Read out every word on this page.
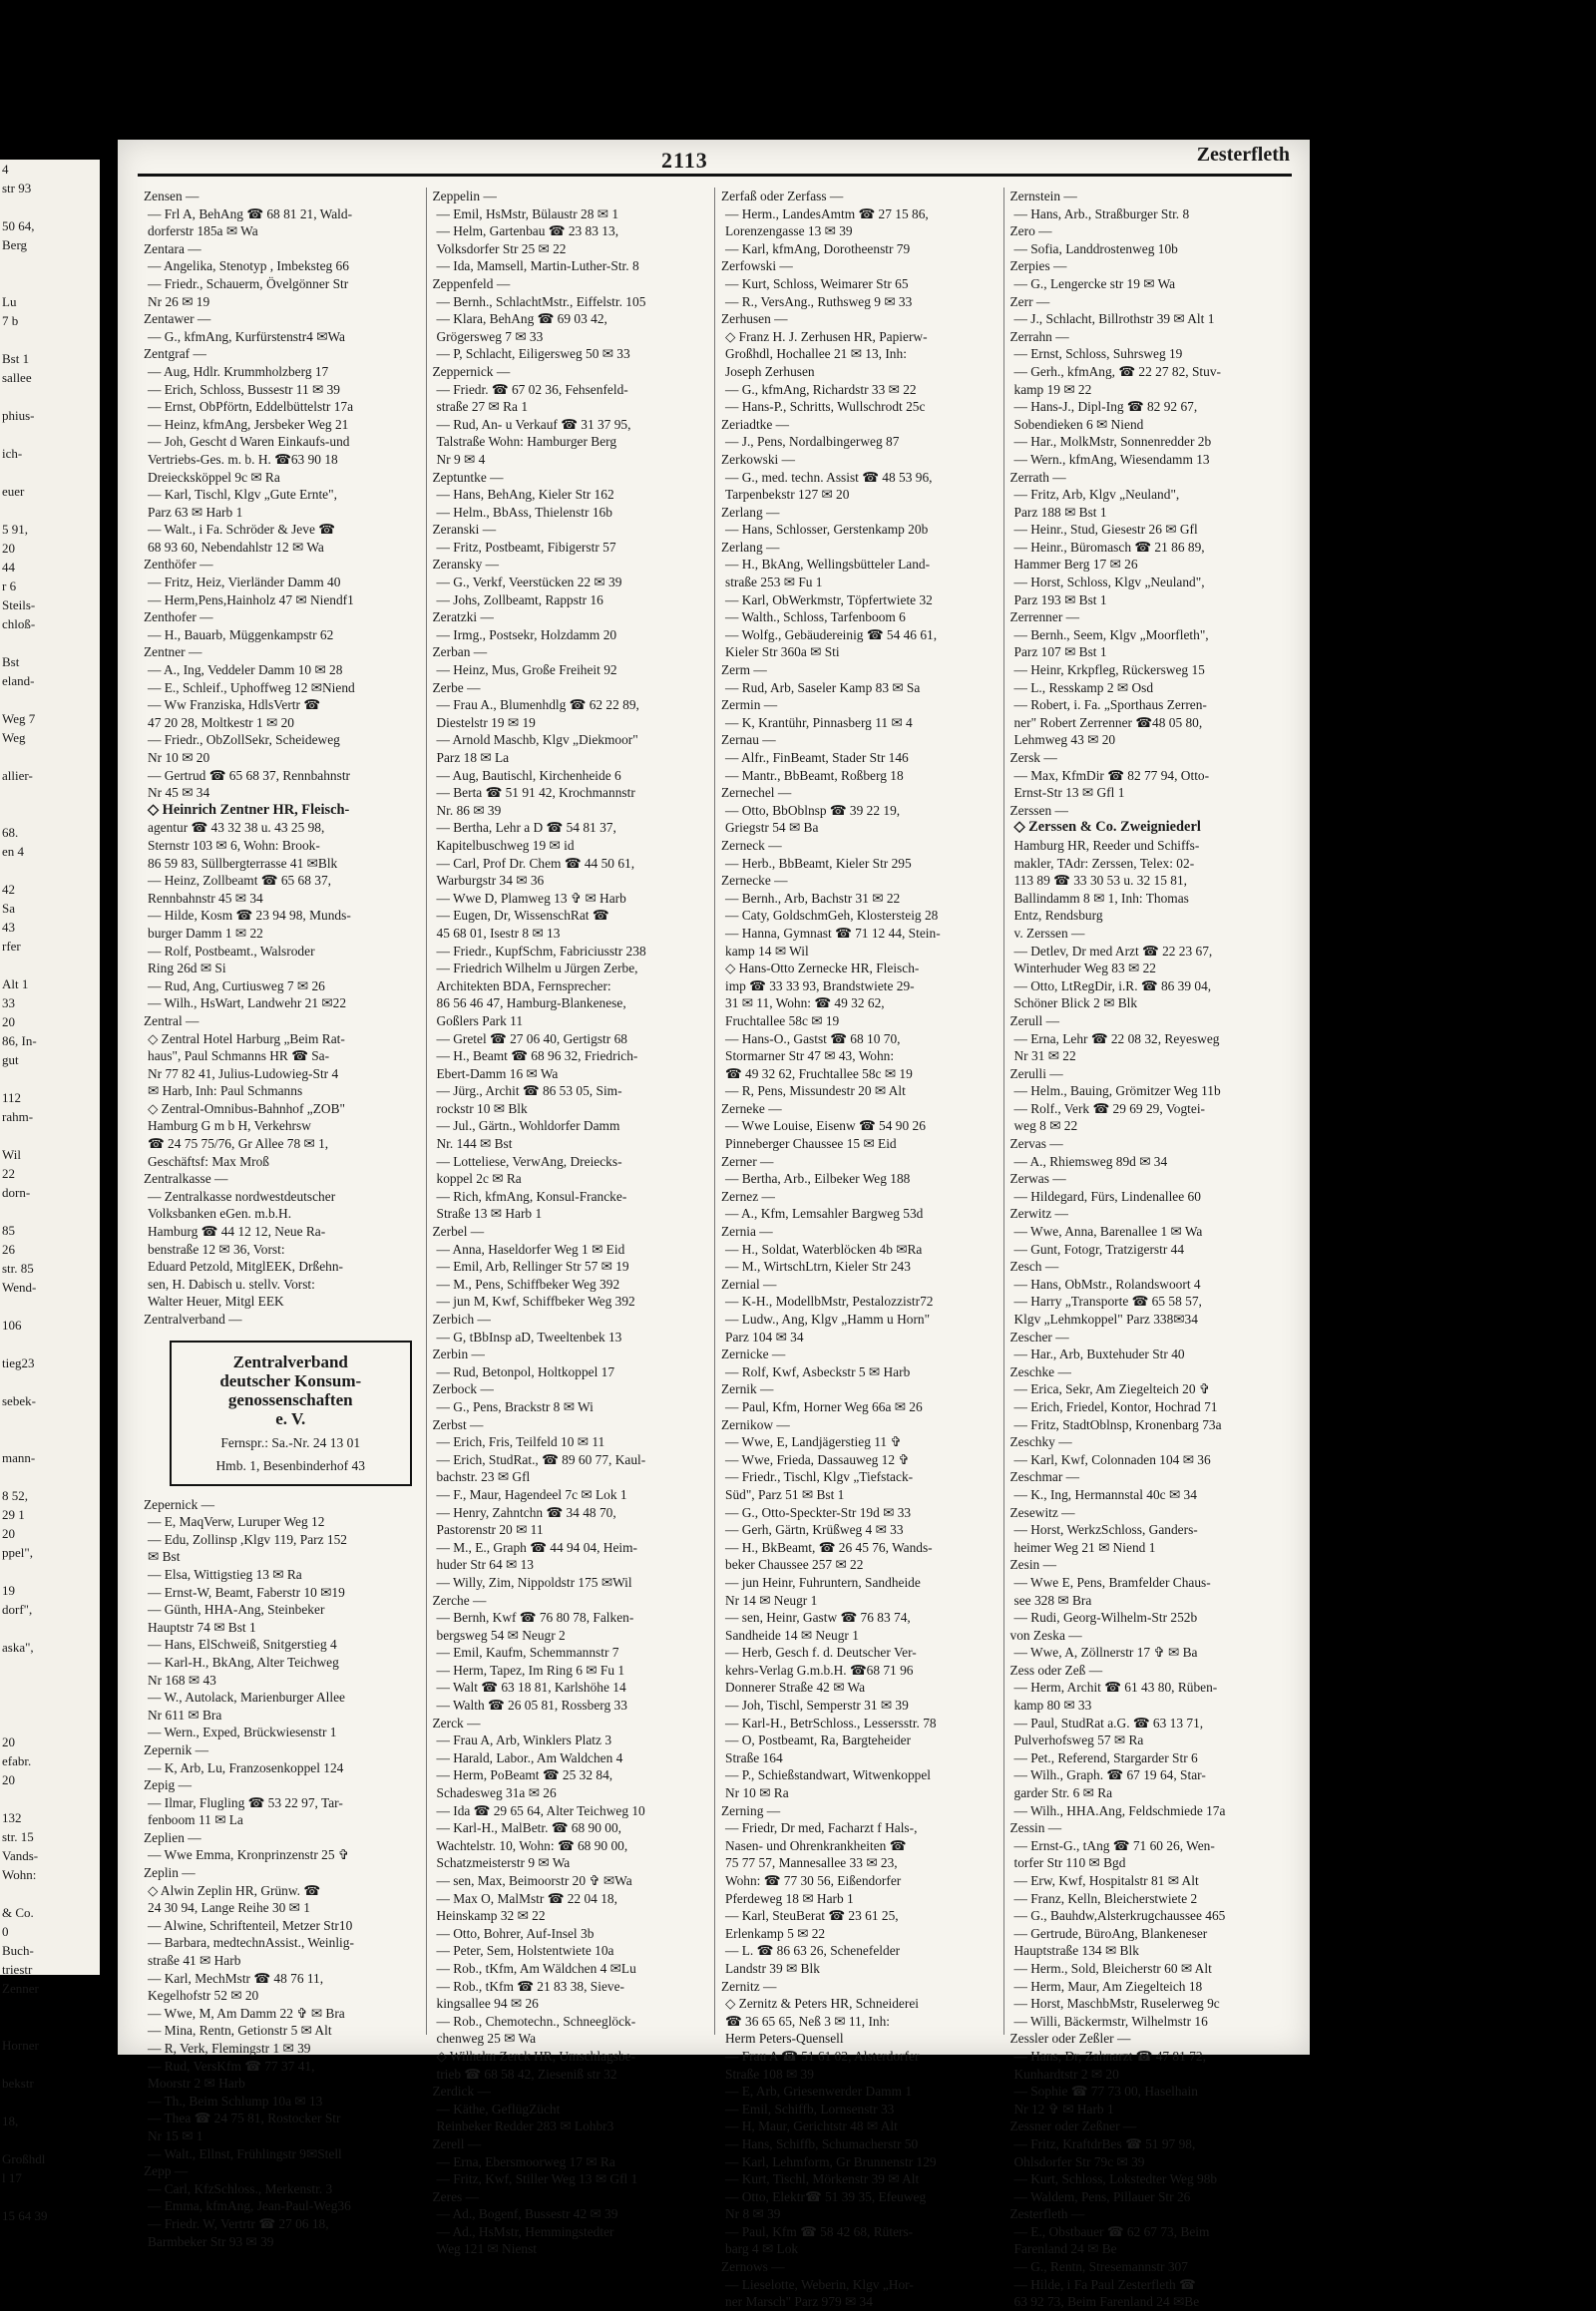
4
str 93

50 64,
Berg

Lu
7 b

Bst 1
sallee

phius-

ich-

euer

5 91,
20
44
r 6
Steils-
chloß-

Bst
eland-

Weg 7
Weg

allier-

68.
en 4

42
Sa
43
rfer

Alt 1
33
20
86, In-
gut

112
rahm-

Wil
22
dorn-

85
26
str. 85
Wend-

106

tieg23

sebek-

mann-

8 52,
29 1
20
ppel",

19
dorf",

aska",

20
efabr.
20

132
str. 15
Vands-
Wohn:

& Co.
0
Buch-
triestr
Zenner

Horner

bekstr

18,

Großhdl
l 17

15 64 39
2113	Zesterfleth
Zensen —
— Frl A, BehAng ☎ 68 81 21, Wald-
dorferstr 185a ✉ Wa
Zentara —
— Angelika, Stenotyp , Imbeksteg 66
— Friedr., Schauerm, Övelgönner Str
Nr 26 ✉ 19
Zentawer —
— G., kfmAng, Kurfürstenstr4 ✉Wa
Zentgraf —
— Aug, Hdlr. Krummholzberg 17
— Erich, Schloss, Bussestr 11 ✉ 39
— Ernst, ObPförtn, Eddelbüttelstr 17a
— Heinz, kfmAng, Jersbeker Weg 21
— Joh, Gescht d Waren Einkaufs-und
Vertriebs-Ges. m. b. H. ☎63 90 18
Dreiecksköppel 9c ✉ Ra
— Karl, Tischl, Klgv „Gute Ernte",
Parz 63 ✉ Harb 1
— Walt., i Fa. Schröder & Jeve ☎
68 93 60, Nebendahlstr 12 ✉ Wa
Zenthöfer —
— Fritz, Heiz, Vierländer Damm 40
— Herm,Pens,Hainholz 47 ✉ Niendf1
Zenthofer —
— H., Bauarb, Müggenkampstr 62
Zentner —
— A., Ing, Veddeler Damm 10 ✉ 28
— E., Schleif., Uphoffweg 12 ✉Niend
— Ww Franziska, HdlsVertr ☎
47 20 28, Moltkestr 1 ✉ 20
— Friedr., ObZollSekr, Scheideweg
Nr 10 ✉ 20
— Gertrud ☎ 65 68 37, Rennbahnstr
Nr 45 ✉ 34
◇ Heinrich Zentner HR, Fleisch-
agentur ☎ 43 32 38 u. 43 25 98,
Sternstr 103 ✉ 6, Wohn: Brook-
86 59 83, Süllbergterrasse 41 ✉Blk
— Heinz, Zollbeamt ☎ 65 68 37,
Rennbahnstr 45 ✉ 34
— Hilde, Kosm ☎ 23 94 98, Munds-
burger Damm 1 ✉ 22
— Rolf, Postbeamt., Walsroder
Ring 26d ✉ Si
— Rud, Ang, Curtiusweg 7 ✉ 26
— Wilh., HsWart, Landwehr 21 ✉22
Zentral —
◇ Zentral Hotel Harburg „Beim Rat-
haus", Paul Schmanns HR ☎ Sa-
Nr 77 82 41, Julius-Ludowieg-Str 4
✉ Harb, Inh: Paul Schmanns
◇ Zentral-Omnibus-Bahnhof „ZOB"
Hamburg G m b H, Verkehrsw
☎ 24 75 75/76, Gr Allee 78 ✉ 1,
Geschäftsf: Max Mroß
Zentralkasse —
— Zentralkasse nordwestdeutscher
Volksbanken eGen. m.b.H.
Hamburg ☎ 44 12 12, Neue Ra-
benstraße 12 ✉ 36, Vorst:
Eduard Petzold, MitglEEK, Drßehn-
sen, H. Dabisch u. stellv. Vorst:
Walter Heuer, Mitgl EEK
Zentralverband —
Zentralverband
deutscher Konsum-
genossenschaften
e. V.
Fernspr.: Sa.-Nr. 24 13 01
Hmb. 1, Besenbinderhof 43
Zepernick —
— E, MaqVerw, Luruper Weg 12
— Edu, Zollinsp ,Klgv 119, Parz 152
✉ Bst
— Elsa, Wittigstieg 13 ✉ Ra
— Ernst-W, Beamt, Faberstr 10 ✉19
— Günth, HHA-Ang, Steinbeker
Hauptstr 74 ✉ Bst 1
— Hans, ElSchweiß, Snitgerstieg 4
— Karl-H., BkAng, Alter Teichweg
Nr 168 ✉ 43
— W., Autolack, Marienburger Allee
Nr 611 ✉ Bra
— Wern., Exped, Brückwiesenstr 1
Zepernik —
— K, Arb, Lu, Franzosenkoppel 124
Zepig —
— Ilmar, Flugling ☎ 53 22 97, Tar-
fenboom 11 ✉ La
Zeplien —
— Wwe Emma, Kronprinzenstr 25 ✞
Zeplin —
◇ Alwin Zeplin HR, Grünw. ☎
24 30 94, Lange Reihe 30 ✉ 1
— Alwine, Schriftenteil, Metzer Str10
— Barbara, medtechnAssist., Weinlig-
straße 41 ✉ Harb
— Karl, MechMstr ☎ 48 76 11,
Kegelhofstr 52 ✉ 20
— Wwe, M, Am Damm 22 ✞ ✉ Bra
— Mina, Rentn, Getionstr 5 ✉ Alt
— R, Verk, Flemingstr 1 ✉ 39
— Rud, VersKfm ☎ 77 37 41,
Moorstr 2 ✉ Harb
— Th., Beim Schlump 10a ✉ 13
— Thea ☎ 24 75 81, Rostocker Str
Nr 15 ✉ 1
— Walt., Ellnst, Frühlingstr 9✉Stell
Zepp —
— Carl, KfzSchloss., Merkenstr. 3
— Emma, kfmAng, Jean-Paul-Weg36
— Friedr. W, Vertrtr ☎ 27 06 18,
Barmbeker Str 93 ✉ 39
Zeppelin —
— Emil, HsMstr, Bülaustr 28 ✉ 1
— Helm, Gartenbau ☎ 23 83 13,
Volksdorfer Str 25 ✉ 22
— Ida, Mamsell, Martin-Luther-Str. 8
Zeppenfeld —
— Bernh., SchlachtMstr., Eiffelstr. 105
— Klara, BehAng ☎ 69 03 42,
Grögersweg 7 ✉ 33
— P, Schlacht, Eiligersweg 50 ✉ 33
Zeppernick —
— Friedr. ☎ 67 02 36, Fehsenfeld-
straße 27 ✉ Ra 1
— Rud, An- u Verkauf ☎ 31 37 95,
Talstraße Wohn: Hamburger Berg
Nr 9 ✉ 4
Zeptuntke —
— Hans, BehAng, Kieler Str 162
— Helm., BbAss, Thielenstr 16b
Zeranski —
— Fritz, Postbeamt, Fibigerstr 57
Zeransky —
— G., Verkf, Veerstücken 22 ✉ 39
— Johs, Zollbeamt, Rappstr 16
Zeratzki —
— Irmg., Postsekr, Holzdamm 20
Zerban —
— Heinz, Mus, Große Freiheit 92
Zerbe —
— Frau A., Blumenhdlg ☎ 62 22 89,
Diestelstr 19 ✉ 19
— Arnold Maschb, Klgv „Diekmoor"
Parz 18 ✉ La
— Aug, Bautischl, Kirchenheide 6
— Berta ☎ 51 91 42, Krochmannstr
Nr. 86 ✉ 39
— Bertha, Lehr a D ☎ 54 81 37,
Kapitelbuschweg 19 ✉ id
— Carl, Prof Dr. Chem ☎ 44 50 61,
Warburgstr 34 ✉ 36
— Wwe D, Plamweg 13 ✞ ✉ Harb
— Eugen, Dr, WissenschRat ☎
45 68 01, Isestr 8 ✉ 13
— Friedr., KupfSchm, Fabriciusstr 238
— Friedrich Wilhelm u Jürgen Zerbe,
Architekten BDA, Fernsprecher:
86 56 46 47, Hamburg-Blankenese,
Goßlers Park 11
— Gretel ☎ 27 06 40, Gertigstr 68
— H., Beamt ☎ 68 96 32, Friedrich-
Ebert-Damm 16 ✉ Wa
— Jürg., Archit ☎ 86 53 05, Sim-
rockstr 10 ✉ Blk
— Jul., Gärtn., Wohldorfer Damm
Nr. 144 ✉ Bst
— Lotteliese, VerwAng, Dreiecks-
koppel 2c ✉ Ra
— Rich, kfmAng, Konsul-Francke-
Straße 13 ✉ Harb 1
Zerbel —
— Anna, Haseldorfer Weg 1 ✉ Eid
— Emil, Arb, Rellinger Str 57 ✉ 19
— M., Pens, Schiffbeker Weg 392
— jun M, Kwf, Schiffbeker Weg 392
Zerbich —
— G, tBbInsp aD, Tweeltenbek 13
Zerbin —
— Rud, Betonpol, Holtkoppel 17
Zerbock —
— G., Pens, Brackstr 8 ✉ Wi
Zerbst —
— Erich, Fris, Teilfeld 10 ✉ 11
— Erich, StudRat., ☎ 89 60 77, Kaul-
bachstr. 23 ✉ Gfl
— F., Maur, Hagendeel 7c ✉ Lok 1
— Henry, Zahntchn ☎ 34 48 70,
Pastorenstr 20 ✉ 11
— M., E., Graph ☎ 44 94 04, Heim-
huder Str 64 ✉ 13
— Willy, Zim, Nippoldstr 175 ✉Wil
Zerche —
— Bernh, Kwf ☎ 76 80 78, Falken-
bergsweg 54 ✉ Neugr 2
— Emil, Kaufm, Schemmannstr 7
— Herm, Tapez, Im Ring 6 ✉ Fu 1
— Walt ☎ 63 18 81, Karlshöhe 14
— Walth ☎ 26 05 81, Rossberg 33
Zerck —
— Frau A, Arb, Winklers Platz 3
— Harald, Labor., Am Waldchen 4
— Herm, PoBeamt ☎ 25 32 84,
Schadesweg 31a ✉ 26
— Ida ☎ 29 65 64, Alter Teichweg 10
— Karl-H., MalBetr. ☎ 68 90 00,
Wachtelstr. 10, Wohn: ☎ 68 90 00,
Schatzmeisterstr 9 ✉ Wa
— sen, Max, Beimoorstr 20 ✞ ✉Wa
— Max O, MalMstr ☎ 22 04 18,
Heinskamp 32 ✉ 22
— Otto, Bohrer, Auf-Insel 3b
— Peter, Sem, Holstentwiete 10a
— Rob., tKfm, Am Wäldchen 4 ✉Lu
— Rob., tKfm ☎ 21 83 38, Sieve-
kingsallee 94 ✉ 26
— Rob., Chemotechn., Schneeglöck-
chenweg 25 ✉ Wa
◇ Wilhelm Zerck HR, Umschlagsbe-
trieb ☎ 68 58 42, Zieseniß str 32
Zerdick —
— Käthe, GeflügZücht
Reinbeker Redder 283 ✉ Lohbr3
Zerell —
— Erna, Ebersmoorweg 17 ✉ Ra
— Fritz, Kwf, Stiller Weg 13 ✉ Gfl 1
Zeres —
— Ad., Bogenf, Bussestr 42 ✉ 39
— Ad., HsMstr, Hemmingstedter
Weg 121 ✉ Nienst
Zerfaß oder Zerfass —
— Herm., LandesAmtm ☎ 27 15 86,
Lorenzengasse 13 ✉ 39
— Karl, kfmAng, Dorotheenstr 79
Zerfowski —
— Kurt, Schloss, Weimarer Str 65
— R., VersAng., Ruthsweg 9 ✉ 33
Zerhusen —
◇ Franz H. J. Zerhusen HR, Papierw-
Großhdl, Hochallee 21 ✉ 13, Inh:
Joseph Zerhusen
— G., kfmAng, Richardstr 33 ✉ 22
— Hans-P., Schritts, Wullschrodt 25c
Zeriadtke —
— J., Pens, Nordalbingerweg 87
Zerkowski —
— G., med. techn. Assist ☎ 48 53 96,
Tarpenbekstr 127 ✉ 20
Zerlang —
— Hans, Schlosser, Gerstenkamp 20b
Zerlang —
— H., BkAng, Wellingsbütteler Land-
straße 253 ✉ Fu 1
— Karl, ObWerkmstr, Töpfertwiete 32
— Walth., Schloss, Tarfenboom 6
— Wolfg., Gebäudereinig ☎ 54 46 61,
Kieler Str 360a ✉ Sti
Zerm —
— Rud, Arb, Saseler Kamp 83 ✉ Sa
Zermin —
— K, Krantühr, Pinnasberg 11 ✉ 4
Zernau —
— Alfr., FinBeamt, Stader Str 146
— Mantr., BbBeamt, Roßberg 18
Zernechel —
— Otto, BbOblnsp ☎ 39 22 19,
Griegstr 54 ✉ Ba
Zerneck —
— Herb., BbBeamt, Kieler Str 295
Zernecke —
— Bernh., Arb, Bachstr 31 ✉ 22
— Caty, GoldschmGeh, Klostersteig 28
— Hanna, Gymnast ☎ 71 12 44, Stein-
kamp 14 ✉ Wil
◇ Hans-Otto Zernecke HR, Fleisch-
imp ☎ 33 33 93, Brandstwiete 29-
31 ✉ 11, Wohn: ☎ 49 32 62,
Fruchtallee 58c ✉ 19
— Hans-O., Gastst ☎ 68 10 70,
Stormarner Str 47 ✉ 43, Wohn:
☎ 49 32 62, Fruchtallee 58c ✉ 19
— R, Pens, Missundestr 20 ✉ Alt
Zerneke —
— Wwe Louise, Eisenw ☎ 54 90 26
Pinneberger Chaussee 15 ✉ Eid
Zerner —
— Bertha, Arb., Eilbeker Weg 188
Zernez —
— A., Kfm, Lemsahler Bargweg 53d
Zernia —
— H., Soldat, Waterblöcken 4b ✉Ra
— M., WirtschLtrn, Kieler Str 243
Zernial —
— K-H., ModellbMstr, Pestalozzistr72
— Ludw., Ang, Klgv „Hamm u Horn"
Parz 104 ✉ 34
Zernicke —
— Rolf, Kwf, Asbeckstr 5 ✉ Harb
Zernik —
— Paul, Kfm, Horner Weg 66a ✉ 26
Zernikow —
— Wwe, E, Landjägerstieg 11 ✞
— Wwe, Frieda, Dassauweg 12 ✞
— Friedr., Tischl, Klgv „Tiefstack-
Süd", Parz 51 ✉ Bst 1
— G., Otto-Speckter-Str 19d ✉ 33
— Gerh, Gärtn, Krüßweg 4 ✉ 33
— H., BkBeamt, ☎ 26 45 76, Wands-
beker Chaussee 257 ✉ 22
— jun Heinr, Fuhruntern, Sandheide
Nr 14 ✉ Neugr 1
— sen, Heinr, Gastw ☎ 76 83 74,
Sandheide 14 ✉ Neugr 1
— Herb, Gesch f. d. Deutscher Ver-
kehrs-Verlag G.m.b.H. ☎68 71 96
Donnerer Straße 42 ✉ Wa
— Joh, Tischl, Semperstr 31 ✉ 39
— Karl-H., BetrSchloss., Lessersstr. 78
— O, Postbeamt, Ra, Bargteheider
Straße 164
— P., Schießstandwart, Witwenkoppel
Nr 10 ✉ Ra
Zerning —
— Friedr, Dr med, Facharzt f Hals-,
Nasen- und Ohrenkrankheiten ☎
75 77 57, Mannesallee 33 ✉ 23,
Wohn: ☎ 77 30 56, Eißendorfer
Pferdeweg 18 ✉ Harb 1
— Karl, SteuBerat ☎ 23 61 25,
Erlenkamp 5 ✉ 22
— L. ☎ 86 63 26, Schenefelder
Landstr 39 ✉ Blk
Zernitz —
◇ Zernitz & Peters HR, Schneiderei
☎ 36 65 65, Neß 3 ✉ 11, Inh:
Herm Peters-Quensell
— Frau A ☎ 51 61 02, Alsterdorfer
Straße 108 ✉ 39
— E, Arb, Griesenwerder Damm 1
— Emil, Schiffb, Lornsenstr 33
— H, Maur, Gerichtstr 48 ✉ Alt
— Hans, Schiffb, Schumacherstr 50
— Karl, Lehmform, Gr Brunnenstr 129
— Kurt, Tischl, Mörkenstr 39 ✉ Alt
— Otto, Elektr☎ 51 39 35, Efeuweg
Nr 8 ✉ 39
— Paul, Kfm ☎ 58 42 68, Rüters-
barg 4 ✉ Lok
Zernows —
— Lieselotte, Weberin, Klgv „Hor-
ner Marsch" Parz 979 ✉ 34
Zernstein —
— Hans, Arb., Straßburger Str. 8
Zero —
— Sofia, Landdrostenweg 10b
Zerpies —
— G., Lengercke str 19 ✉ Wa
Zerr —
— J., Schlacht, Billrothstr 39 ✉ Alt 1
Zerrahn —
— Ernst, Schloss, Suhrsweg 19
— Gerh., kfmAng, ☎ 22 27 82, Stuv-
kamp 19 ✉ 22
— Hans-J., Dipl-Ing ☎ 82 92 67,
Sobendieken 6 ✉ Niend
— Har., MolkMstr, Sonnenredder 2b
— Wern., kfmAng, Wiesendamm 13
Zerrath —
— Fritz, Arb, Klgv „Neuland",
Parz 188 ✉ Bst 1
— Heinr., Stud, Giesestr 26 ✉ Gfl
— Heinr., Büromasch ☎ 21 86 89,
Hammer Berg 17 ✉ 26
— Horst, Schloss, Klgv „Neuland",
Parz 193 ✉ Bst 1
Zerrenner —
— Bernh., Seem, Klgv „Moorfleth",
Parz 107 ✉ Bst 1
— Heinr, Krkpfleg, Rückersweg 15
— L., Resskamp 2 ✉ Osd
— Robert, i. Fa. „Sporthaus Zerren-
ner" Robert Zerrenner ☎48 05 80,
Lehmweg 43 ✉ 20
Zersk —
— Max, KfmDir ☎ 82 77 94, Otto-
Ernst-Str 13 ✉ Gfl 1
Zerssen —
◇ Zerssen & Co. Zweigniederl
Hamburg HR, Reeder und Schiffs-
makler, TAdr: Zerssen, Telex: 02-
113 89 ☎ 33 30 53 u. 32 15 81,
Ballindamm 8 ✉ 1, Inh: Thomas
Entz, Rendsburg
v. Zerssen —
— Detlev, Dr med Arzt ☎ 22 23 67,
Winterhuder Weg 83 ✉ 22
— Otto, LtRegDir, i.R. ☎ 86 39 04,
Schöner Blick 2 ✉ Blk
Zerull —
— Erna, Lehr ☎ 22 08 32, Reyesweg
Nr 31 ✉ 22
Zerulli —
— Helm., Bauing, Grömitzer Weg 11b
— Rolf., Verk ☎ 29 69 29, Vogtei-
weg 8 ✉ 22
Zervas —
— A., Rhiemsweg 89d ✉ 34
Zerwas —
— Hildegard, Fürs, Lindenallee 60
Zerwitz —
— Wwe, Anna, Barenallee 1 ✉ Wa
— Gunt, Fotogr, Tratzigerstr 44
Zesch —
— Hans, ObMstr., Rolandswoort 4
— Harry „Transporte ☎ 65 58 57,
Klgv „Lehmkoppel" Parz 338✉34
Zescher —
— Har., Arb, Buxtehuder Str 40
Zeschke —
— Erica, Sekr, Am Ziegelteich 20 ✞
— Erich, Friedel, Kontor, Hochrad 71
— Fritz, StadtOblnsp, Kronenbarg 73a
Zeschky —
— Karl, Kwf, Colonnaden 104 ✉ 36
Zeschmar —
— K., Ing, Hermannstal 40c ✉ 34
Zesewitz —
— Horst, WerkzSchloss, Ganders-
heimer Weg 21 ✉ Niend 1
Zesin —
— Wwe E, Pens, Bramfelder Chaus-
see 328 ✉ Bra
— Rudi, Georg-Wilhelm-Str 252b
von Zeska —
— Wwe, A, Zöllnerstr 17 ✞ ✉ Ba
Zess oder Zeß —
— Herm, Archit ☎ 61 43 80, Rüben-
kamp 80 ✉ 33
— Paul, StudRat a.G. ☎ 63 13 71,
Pulverhofsweg 57 ✉ Ra
— Pet., Referend, Stargarder Str 6
— Wilh., Graph. ☎ 67 19 64, Star-
garder Str. 6 ✉ Ra
— Wilh., HHA.Ang, Feldschmiede 17a
Zessin —
— Ernst-G., tAng ☎ 71 60 26, Wen-
torfer Str 110 ✉ Bgd
— Erw, Kwf, Hospitalstr 81 ✉ Alt
— Franz, Kelln, Bleicherstwiete 2
— G., Bauhdw,Alsterkrugchaussee 465
— Gertrude, BüroAng, Blankeneser
Hauptstraße 134 ✉ Blk
— Herm., Sold, Bleicherstr 60 ✉ Alt
— Herm, Maur, Am Ziegelteich 18
— Horst, MaschbMstr, Ruselerweg 9c
— Willi, Bäckermstr, Wilhelmstr 16
Zessler oder Zeßler —
— Hans, Dr, Zahnarzt ☎ 47 81 72,
Kunhardtstr 2 ✉ 20
— Sophie ☎ 77 73 00, Haselhain
Nr 12 ✞ ✉ Harb 1
Zessner oder Zeßner —
— Fritz, KraftdrBes ☎ 51 97 98,
Ohlsdorfer Str 79c ✉ 39
— Kurt, Schloss, Lokstedter Weg 98b
— Waldem, Pens, Pillauer Str 26
Zesterfleth —
— E., Obstbauer ☎ 62 67 73, Beim
Farenland 24 ✉ Be
— G., Rentn, Stresemannstr 307
— Hilde, i Fa Paul Zesterfleth ☎
63 92 73, Beim Farenland 24 ✉Be
